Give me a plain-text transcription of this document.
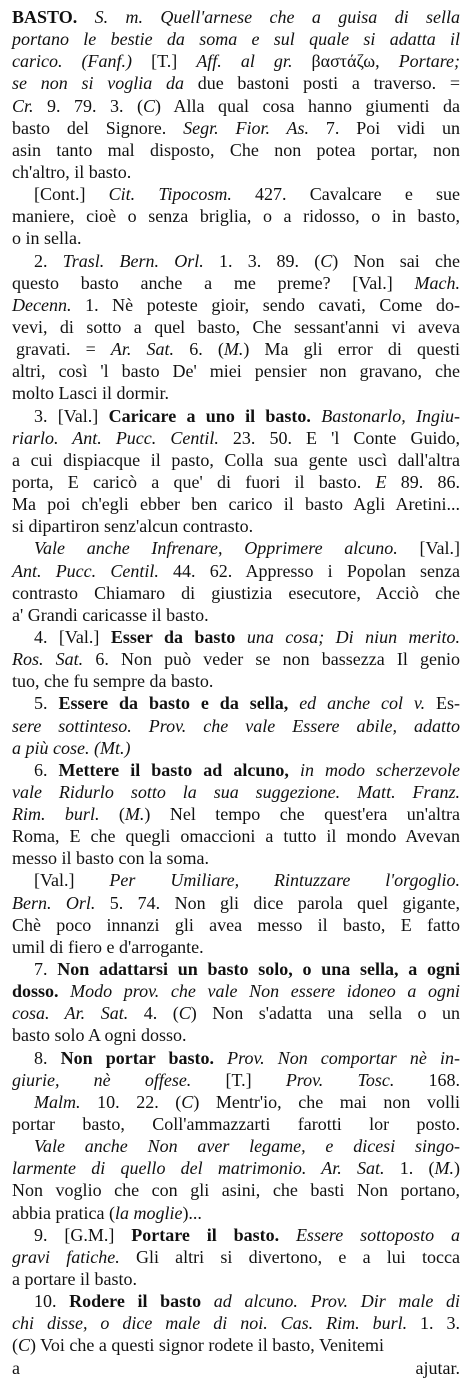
BASTO. S. m. Quell'arnese che a guisa di sella
portano le bestie da soma e sul quale si adatta il
carico. (Fanf.) [T.] Aff. al gr. βαστάζω, Portare;
se non si voglia da due bastoni posti a traverso. =
Cr. 9. 79. 3. (C) Alla qual cosa hanno giumenti da
basto del Signore. Segr. Fior. As. 7. Poi vidi un
asin tanto mal disposto, Che non potea portar, non
ch'altro, il basto.
[Cont.] Cit. Tipocosm. 427. Cavalcare e sue
maniere, cioè o senza briglia, o a ridosso, o in basto,
o in sella.
2. Trasl. Bern. Orl. 1. 3. 89. (C) Non sai che
questo basto anche a me preme? [Val.] Mach.
Decenn. 1. Nè poteste gioir, sendo cavati, Come do-
vevi, di sotto a quel basto, Che sessant'anni vi aveva
gravati. = Ar. Sat. 6. (M.) Ma gli error di questi
altri, così 'l basto De' miei pensier non gravano, che
molto Lasci il dormir.
3. [Val.] Caricare a uno il basto. Bastonarlo, Ingiu-
riarlo. Ant. Pucc. Centil. 23. 50. E 'l Conte Guido,
a cui dispiacque il pasto, Colla sua gente uscì dall'altra
porta, E caricò a que' di fuori il basto. E 89. 86.
Ma poi ch'egli ebber ben carico il basto Agli Aretini...
si dipartiron senz'alcun contrasto.
Vale anche Infrenare, Opprimere alcuno. [Val.]
Ant. Pucc. Centil. 44. 62. Appresso i Popolan senza
contrasto Chiamaro di giustizia esecutore, Acciò che
a' Grandi caricasse il basto.
4. [Val.] Esser da basto una cosa; Di niun merito.
Ros. Sat. 6. Non può veder se non bassezza Il genio
tuo, che fu sempre da basto.
5. Essere da basto e da sella, ed anche col v. Es-
sere sottinteso. Prov. che vale Essere abile, adatto
a più cose. (Mt.)
6. Mettere il basto ad alcuno, in modo scherzevole
vale Ridurlo sotto la sua suggezione. Matt. Franz.
Rim. burl. (M.) Nel tempo che quest'era un'altra
Roma, E che quegli omaccioni a tutto il mondo Avevan
messo il basto con la soma.
[Val.] Per Umiliare, Rintuzzare l'orgoglio.
Bern. Orl. 5. 74. Non gli dice parola quel gigante,
Chè poco innanzi gli avea messo il basto, E fatto
umil di fiero e d'arrogante.
7. Non adattarsi un basto solo, o una sella, a ogni
dosso. Modo prov. che vale Non essere idoneo a ogni
cosa. Ar. Sat. 4. (C) Non s'adatta una sella o un
basto solo A ogni dosso.
8. Non portar basto. Prov. Non comportar nè in-
giurie, nè offese. [T.] Prov. Tosc. 168.
Malm. 10. 22. (C) Mentr'io, che mai non volli
portar basto, Coll'ammazzarti farotti lor posto.
Vale anche Non aver legame, e dicesi singo-
larmente di quello del matrimonio. Ar. Sat. 1. (M.)
Non voglio che con gli asini, che basti Non portano,
abbia pratica (la moglie)...
9. [G.M.] Portare il basto. Essere sottoposto a
gravi fatiche. Gli altri si divertono, e a lui tocca
a portare il basto.
10. Rodere il basto ad alcuno. Prov. Dir male di
chi disse, o dice male di noi. Cas. Rim. burl. 1. 3.
(C) Voi che a questi signor rodete il basto, Venitemi
a ajutar.
